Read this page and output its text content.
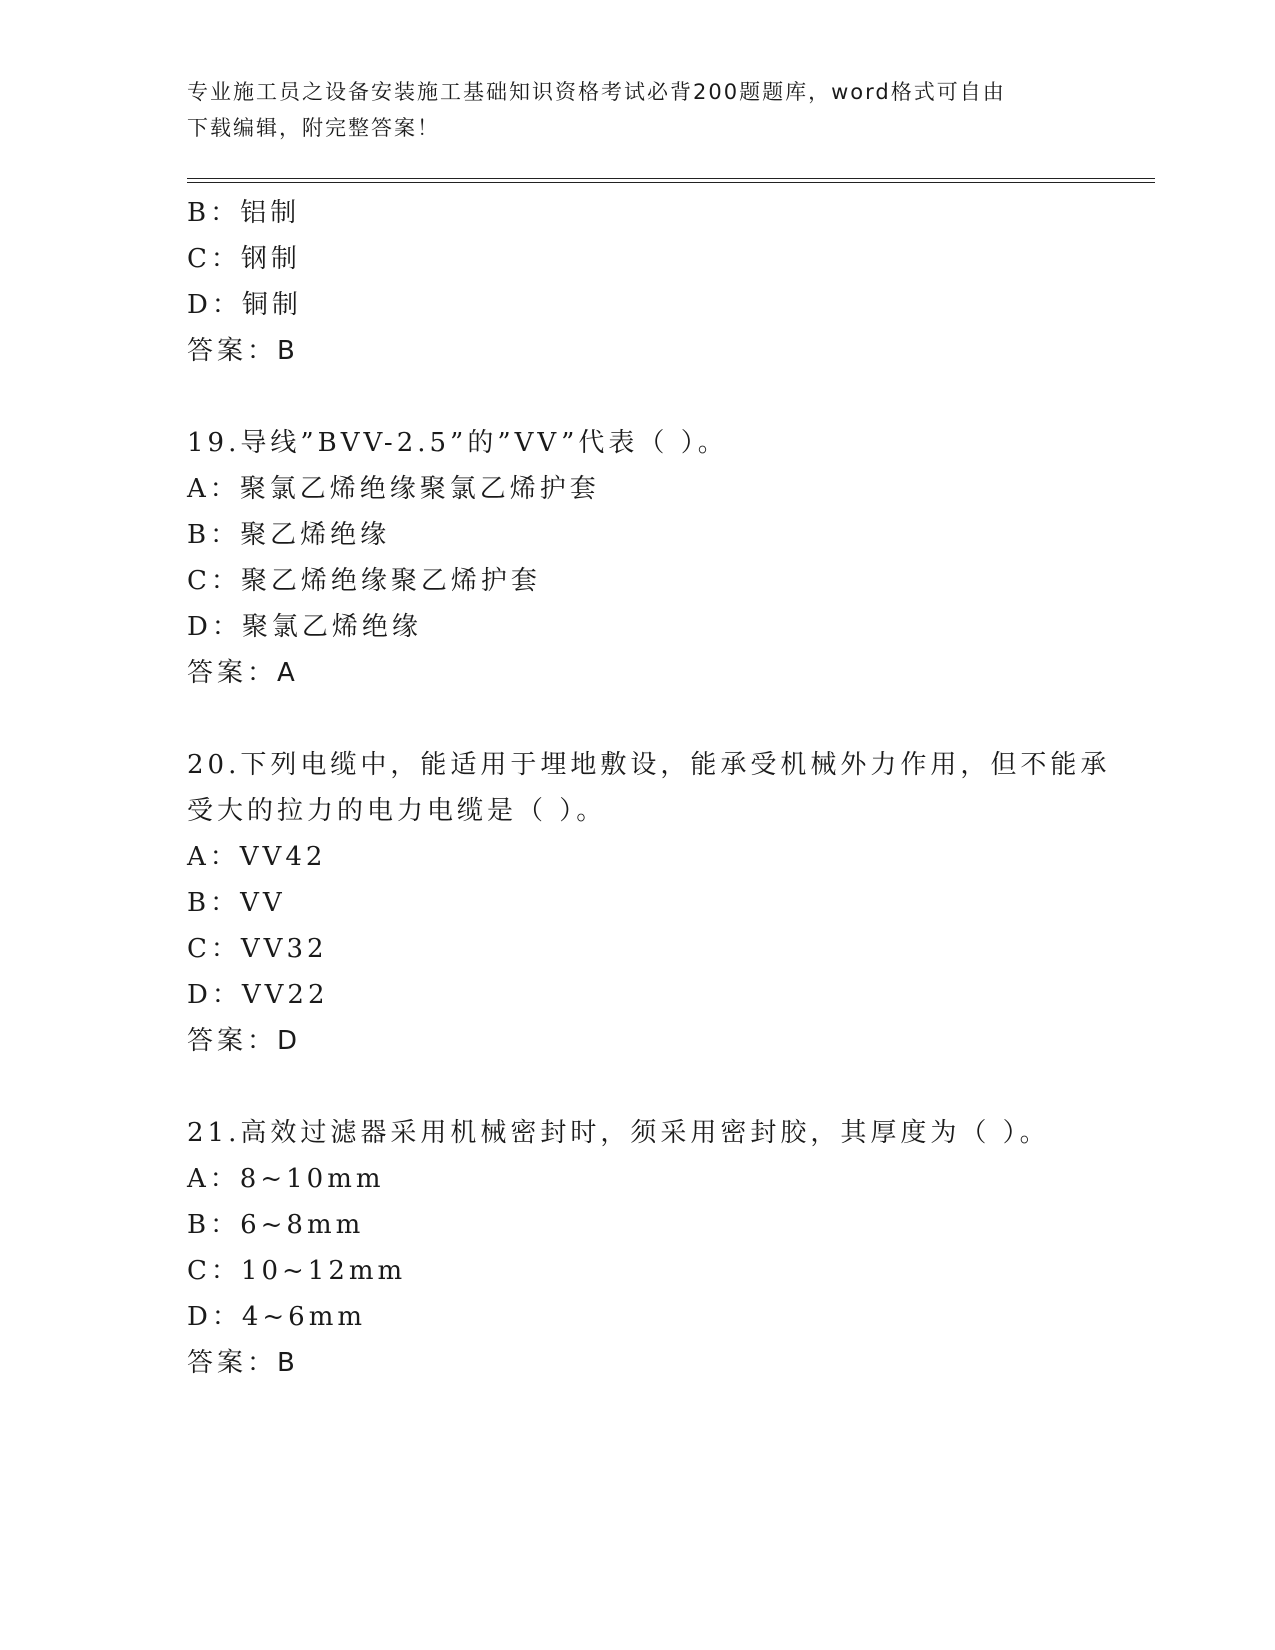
专业施工员之设备安装施工基础知识资格考试必背200题题库，word格式可自由
下载编辑，附完整答案！
B：铝制
C：钢制
D：铜制
答案：B
19.导线”BVV-2.5”的”VV”代表（ ）。
A：聚氯乙烯绝缘聚氯乙烯护套
B：聚乙烯绝缘
C：聚乙烯绝缘聚乙烯护套
D：聚氯乙烯绝缘
答案：A
20.下列电缆中，能适用于埋地敷设，能承受机械外力作用，但不能承
受大的拉力的电力电缆是（ ）。
A：VV42
B：VV
C：VV32
D：VV22
答案：D
21.高效过滤器采用机械密封时，须采用密封胶，其厚度为（ ）。
A：8~10mm
B：6~8mm
C：10~12mm
D：4~6mm
答案：B
